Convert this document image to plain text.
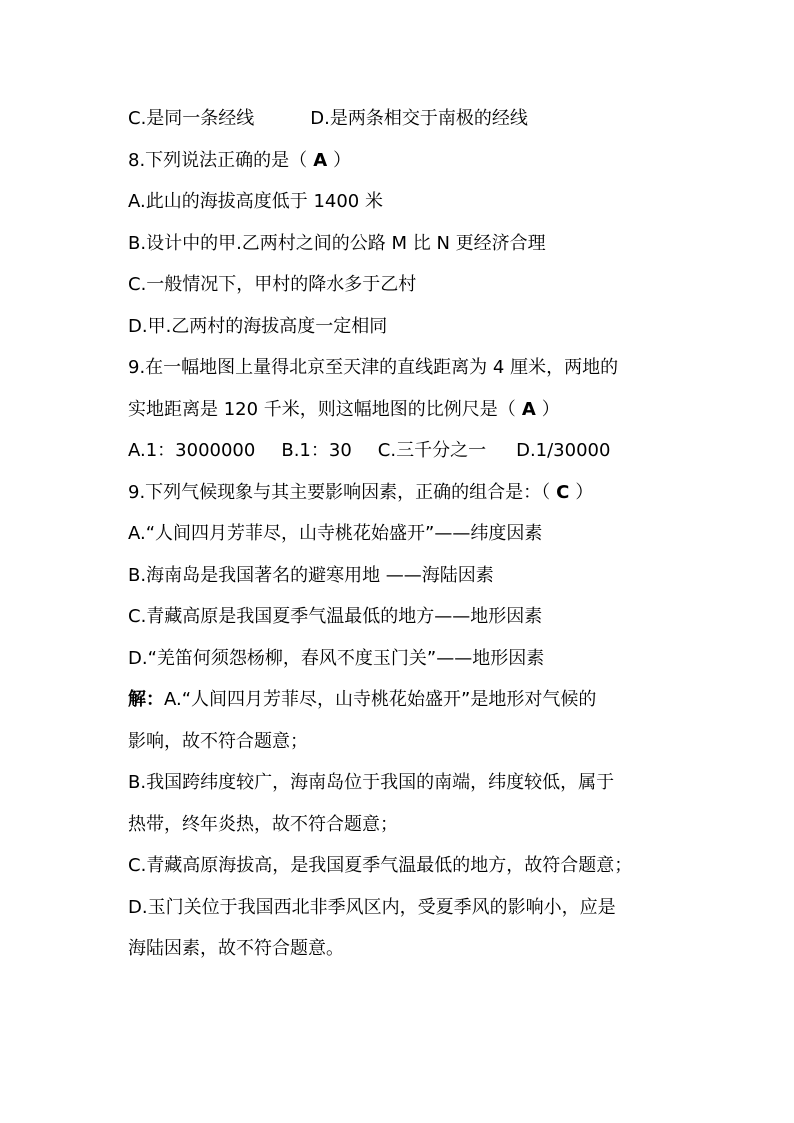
C.是同一条经线	D.是两条相交于南极的经线
8.下列说法正确的是（ A ）
A.此山的海拔高度低于 1400 米
B.设计中的甲.乙两村之间的公路 M 比 N 更经济合理
C.一般情况下，甲村的降水多于乙村
D.甲.乙两村的海拔高度一定相同
9.在一幅地图上量得北京至天津的直线距离为 4 厘米，两地的
实地距离是 120 千米，则这幅地图的比例尺是（ A ）
A.1：3000000 B.1：30 C.三千分之一 D.1/30000
9.下列气候现象与其主要影响因素，正确的组合是：（ C ）
A.“人间四月芳菲尽，山寺桃花始盛开”——纬度因素
B.海南岛是我国著名的避寒用地 ——海陆因素
C.青藏高原是我国夏季气温最低的地方——地形因素
D.“羌笛何须怨杨柳，春风不度玉门关”——地形因素
解：A.“人间四月芳菲尽，山寺桃花始盛开”是地形对气候的
影响，故不符合题意；
B.我国跨纬度较广，海南岛位于我国的南端，纬度较低，属于
热带，终年炎热，故不符合题意；
C.青藏高原海拔高，是我国夏季气温最低的地方，故符合题意；
D.玉门关位于我国西北非季风区内，受夏季风的影响小，应是
海陆因素，故不符合题意。
